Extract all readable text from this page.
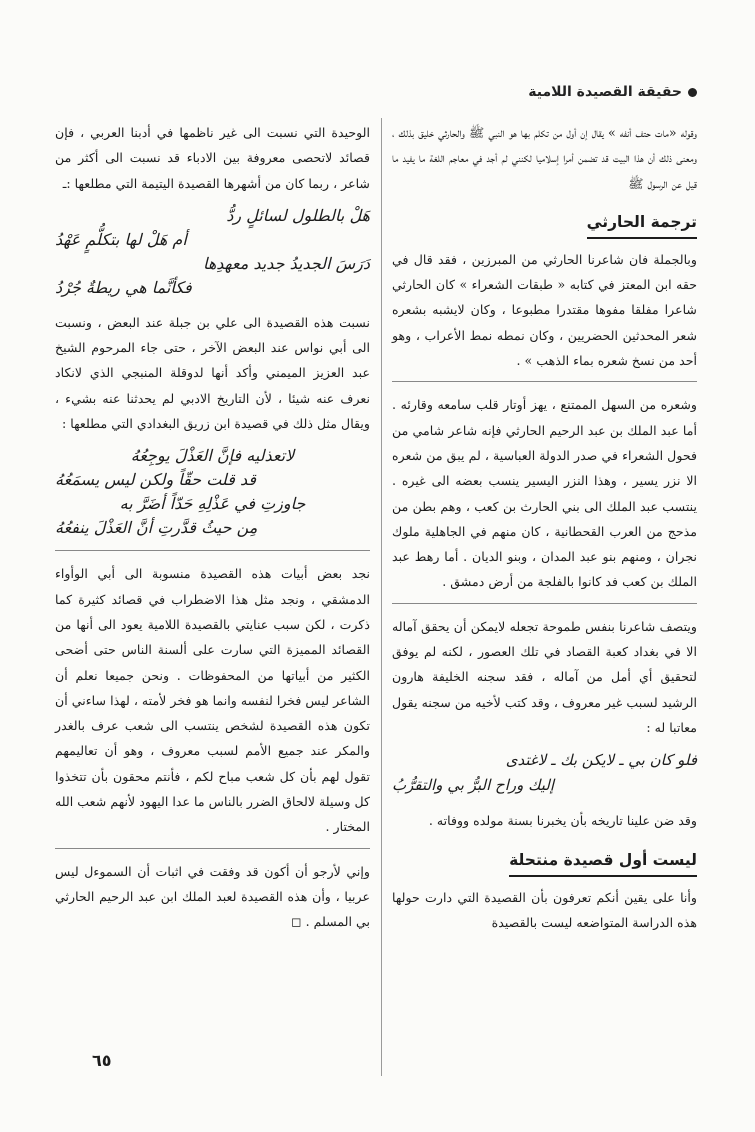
حقيقة القصيدة اللامية

وقوله «مات حتف أنفه » يقال إن أول من تكلم بها هو النبي ﷺ والحارثي خليق بذلك ، ومعنى ذلك أن هذا البيت قد تضمن أمرا إسلاميا لكنني لم أجد في معاجم اللغة ما يفيد ما قيل عن الرسول ﷺ

ترجمة الحارثي

وبالجملة فان شاعرنا الحارثي من المبرزين ، فقد قال في حقه ابن المعتز في كتابه « طبقات الشعراء » كان الحارثي شاعرا مفلقا مفوها مقتدرا مطبوعا ، وكان لايشبه بشعره شعر المحدثين الحضريين ، وكان نمطه نمط الأعراب ، وهو أحد من نسخ شعره بماء الذهب » .

وشعره من السهل الممتنع ، يهز أوتار قلب سامعه وقارئه . أما عبد الملك بن عبد الرحيم الحارثي فإنه شاعر شامي من فحول الشعراء في صدر الدولة العباسية ، لم يبق من شعره الا نزر يسير ، وهذا النزر اليسير ينسب بعضه الى غيره . ينتسب عبد الملك الى بني الحارث بن كعب ، وهم بطن من مذحج من العرب القحطانية ، كان منهم في الجاهلية ملوك نجران ، ومنهم بنو عبد المدان ، وبنو الديان . أما رهط عبد الملك بن كعب فد كانوا بالفلجة من أرض دمشق .

ويتصف شاعرنا بنفس طموحة تجعله لايمكن أن يحقق آماله الا في بغداد كعبة القصاد في تلك العصور ، لكنه لم يوفق لتحقيق أي أمل من آماله ، فقد سجنه الخليفة هارون الرشيد لسبب غير معروف ، وقد كتب لأخيه من سجنه يقول معاتبا له :

فلو كان بي ـ لايكن بك ـ لاغتدى
إليك وراح البرُّ بي والتقرُّبُ

وقد ضن علينا تاريخه بأن يخبرنا بسنة مولده ووفاته .

ليست أول قصيدة منتحلة

وأنا على يقين أنكم تعرفون بأن القصيدة التي دارت حولها هذه الدراسة المتواضعه ليست بالقصيدة

الوحيدة التي نسبت الى غير ناظمها في أدبنا العربي ، فإن قصائد لاتحصى معروفة بين الادباء قد نسبت الى أكثر من شاعر ، ربما كان من أشهرها القصيدة اليتيمة التي مطلعها :ـ

هَلْ بالطلول لسائلٍ ردُّ
أم هَلْ لها بتكلُّمٍ عَهْدُ
دَرَسَ الجديدُ جديد معهدِها
فكأنَّما هي ريطةٌ جُرْدُ

نسبت هذه القصيدة الى علي بن جبلة عند البعض ، ونسبت الى أبي نواس عند البعض الآخر ، حتى جاء المرحوم الشيخ عبد العزيز الميمني وأكد أنها لدوقلة المنبجي الذي لانكاد نعرف عنه شيئا ، لأن التاريخ الادبي لم يحدثنا عنه بشيء ، ويقال مثل ذلك في قصيدة ابن زريق البغدادي التي مطلعها :

لاتعذليه فإنَّ العَذْلَ يوجِعُهُ
قد قلت حقّاً ولكن ليس يسمَعُهُ
جاوزتِ في عَذْلِهِ حَدّاً أضَرَّ به
مِن حيثُ قدَّرتِ أنَّ العَذْلَ ينفعُهُ

نجد بعض أبيات هذه القصيدة منسوبة الى أبي الوأواء الدمشقي ، ونجد مثل هذا الاضطراب في قصائد كثيرة كما ذكرت ، لكن سبب عنايتي بالقصيدة اللامية يعود الى أنها من القصائد المميزة التي سارت على ألسنة الناس حتى أضحى الكثير من أبياتها من المحفوظات . ونحن جميعا نعلم أن الشاعر ليس فخرا لنفسه وانما هو فخر لأمته ، لهذا ساءني أن تكون هذه القصيدة لشخص ينتسب الى شعب عرف بالغدر والمكر عند جميع الأمم لسبب معروف ، وهو أن تعاليمهم تقول لهم بأن كل شعب مباح لكم ، فأنتم محقون بأن تتخذوا كل وسيلة لالحاق الضرر بالناس ما عدا اليهود لأنهم شعب الله المختار .

وإني لأرجو أن أكون قد وفقت في اثبات أن السموءل ليس عربيا ، وأن هذه القصيدة لعبد الملك ابن عبد الرحيم الحارثي بي المسلم . ◻

٦٥
